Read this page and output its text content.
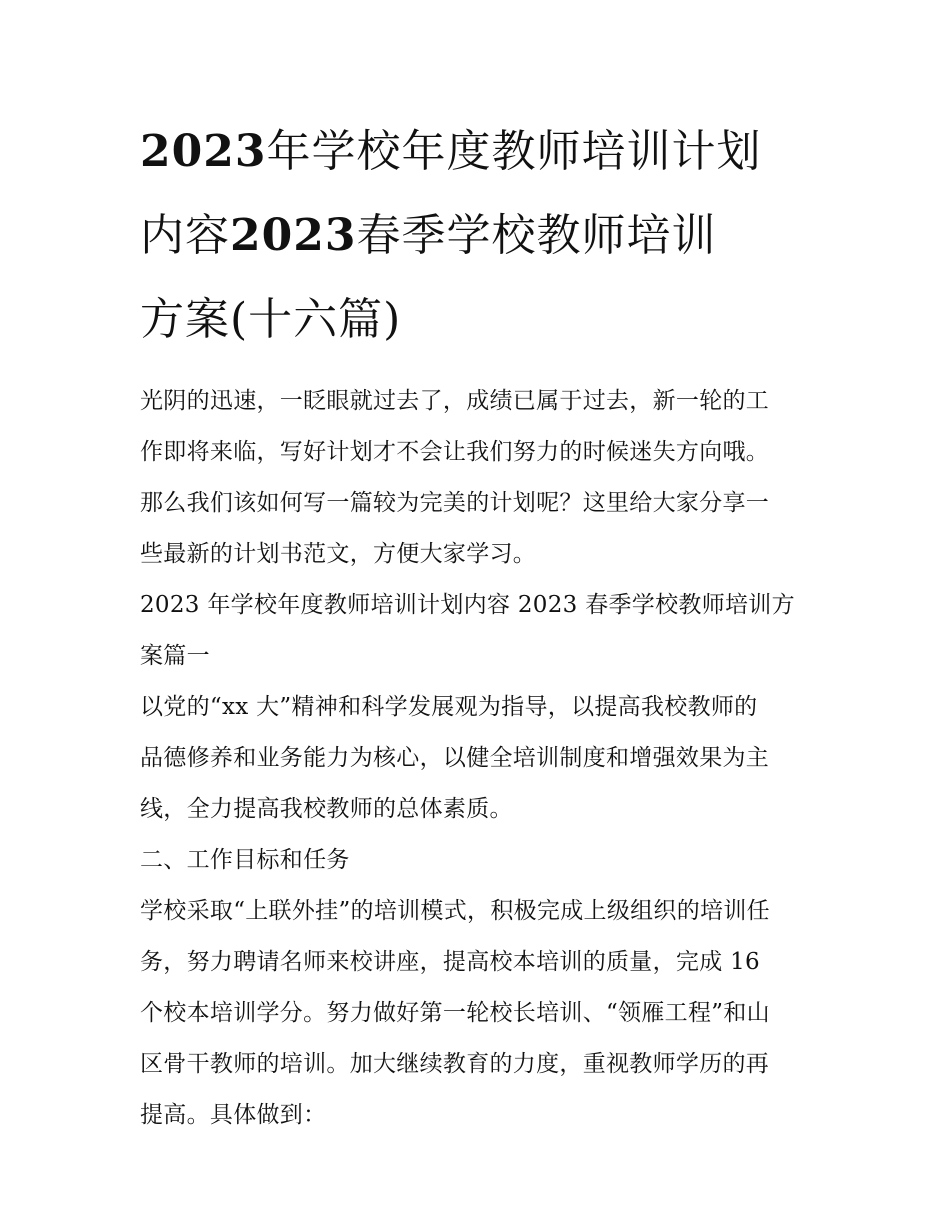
2023年学校年度教师培训计划
内容2023春季学校教师培训
方案(十六篇)

光阴的迅速，一眨眼就过去了，成绩已属于过去，新一轮的工
作即将来临，写好计划才不会让我们努力的时候迷失方向哦。
那么我们该如何写一篇较为完美的计划呢？这里给大家分享一
些最新的计划书范文，方便大家学习。

2023 年学校年度教师培训计划内容 2023 春季学校教师培训方
案篇一

以党的“xx 大”精神和科学发展观为指导，以提高我校教师的
品德修养和业务能力为核心，以健全培训制度和增强效果为主
线，全力提高我校教师的总体素质。

二、工作目标和任务

学校采取“上联外挂”的培训模式，积极完成上级组织的培训任
务，努力聘请名师来校讲座，提高校本培训的质量，完成 16
个校本培训学分。努力做好第一轮校长培训、“领雁工程”和山
区骨干教师的培训。加大继续教育的力度，重视教师学历的再
提高。具体做到：
